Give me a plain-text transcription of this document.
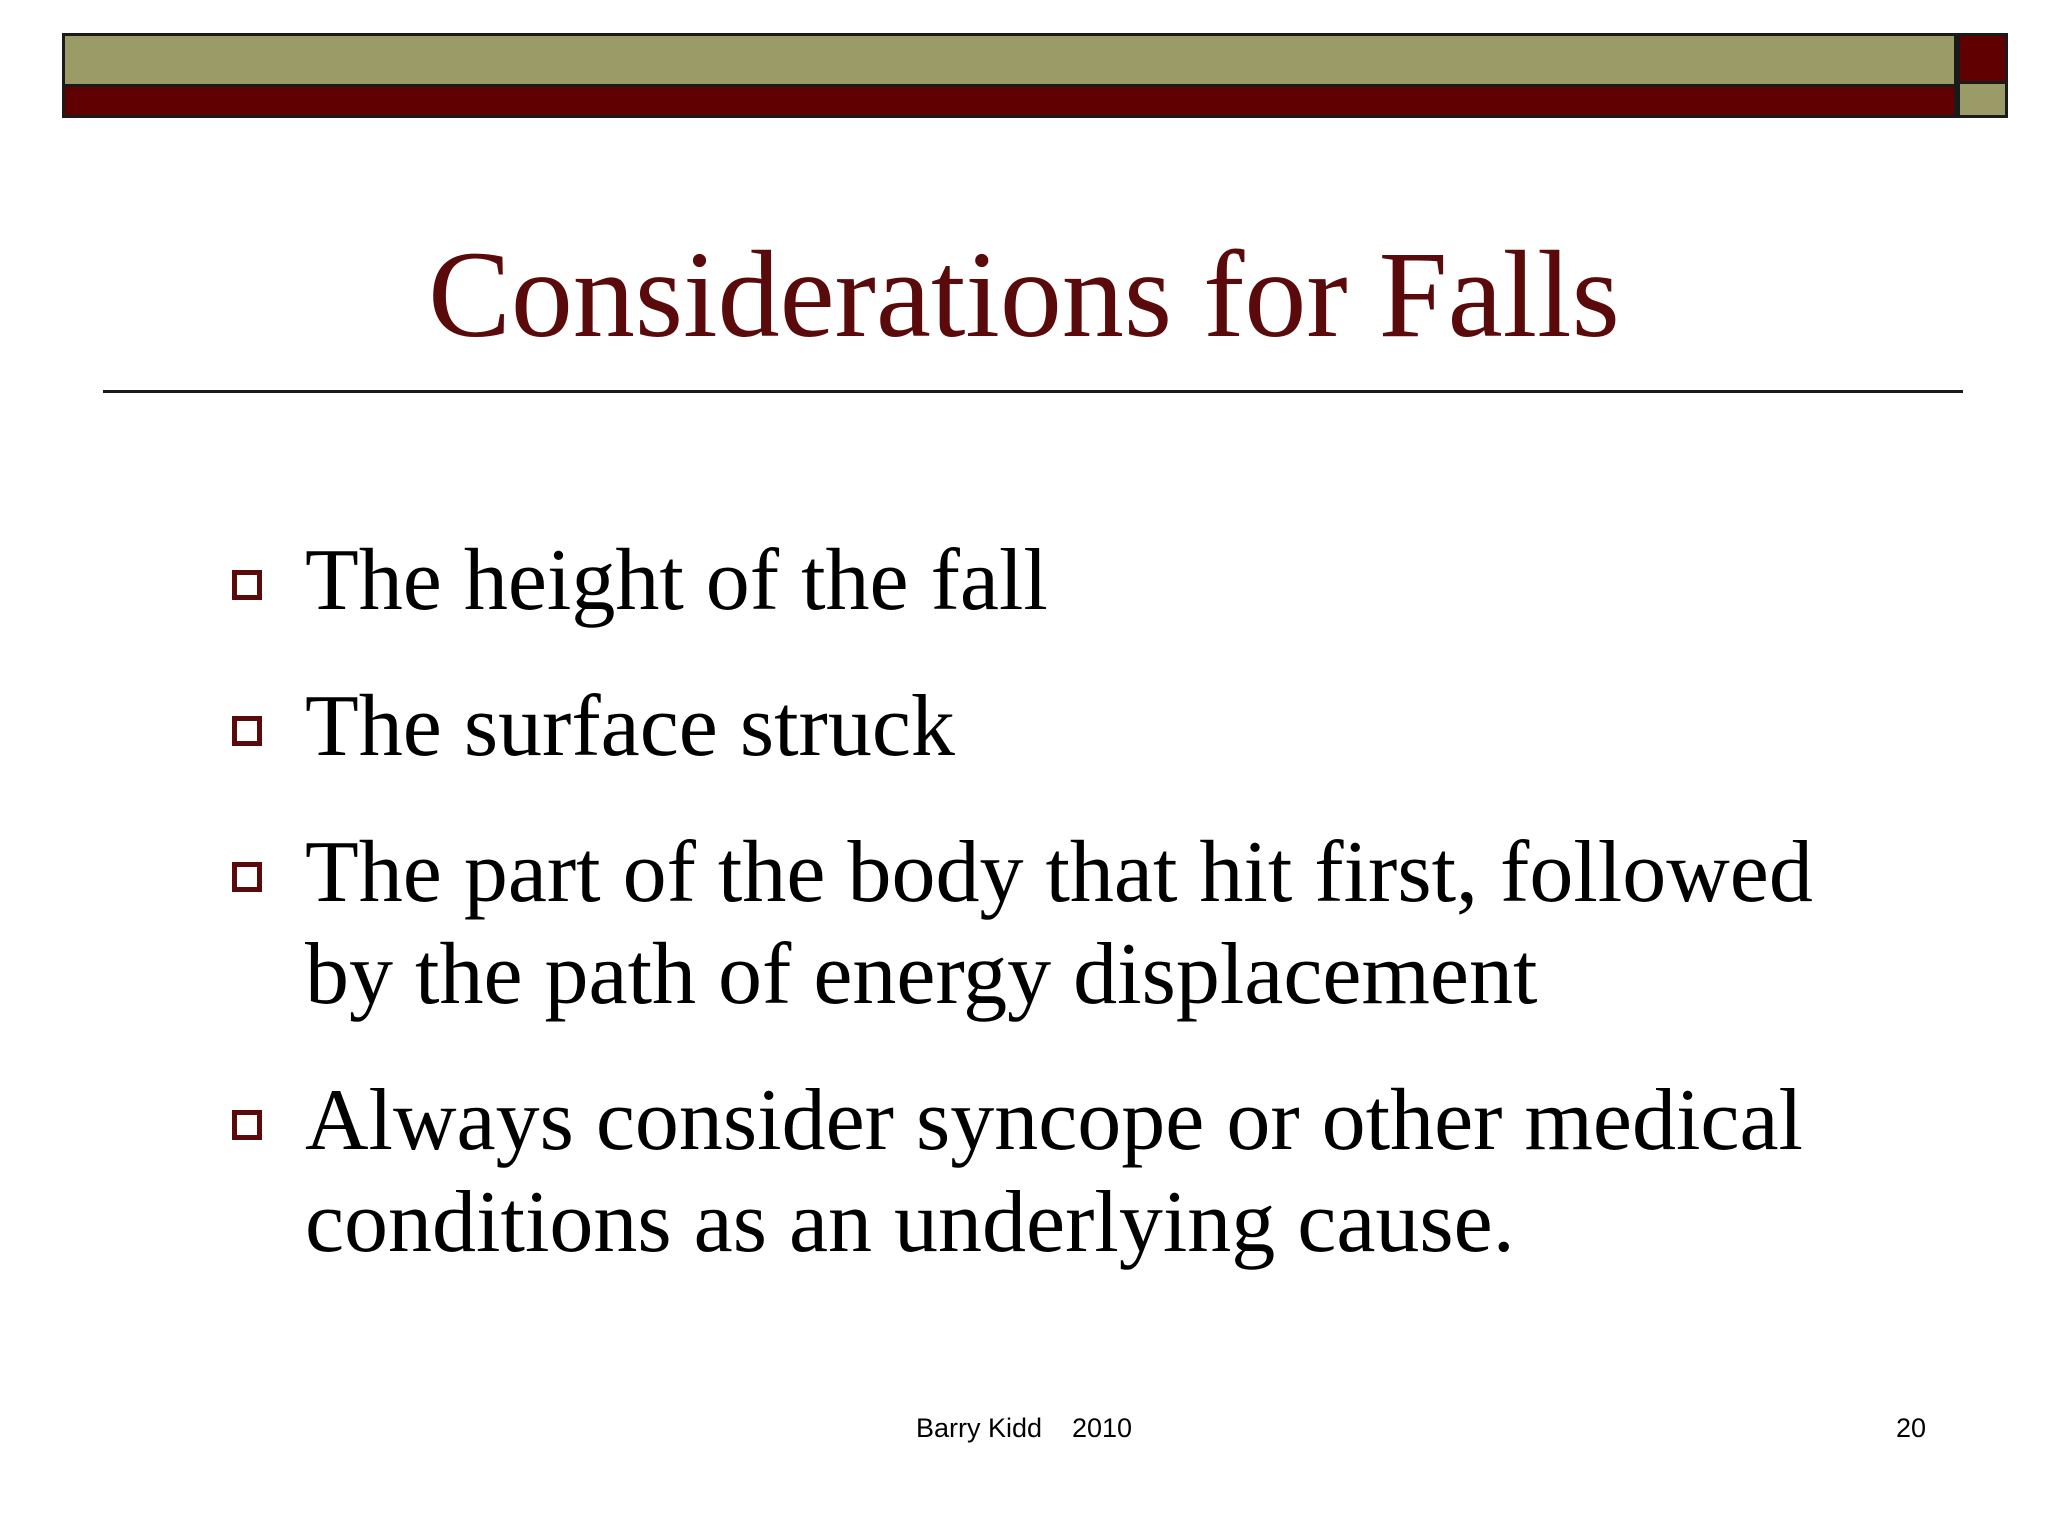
Considerations for Falls
The height of the fall
The surface struck
The part of the body that hit first, followed by the path of energy displacement
Always consider syncope or other medical conditions as an underlying cause.
Barry Kidd    2010	20
